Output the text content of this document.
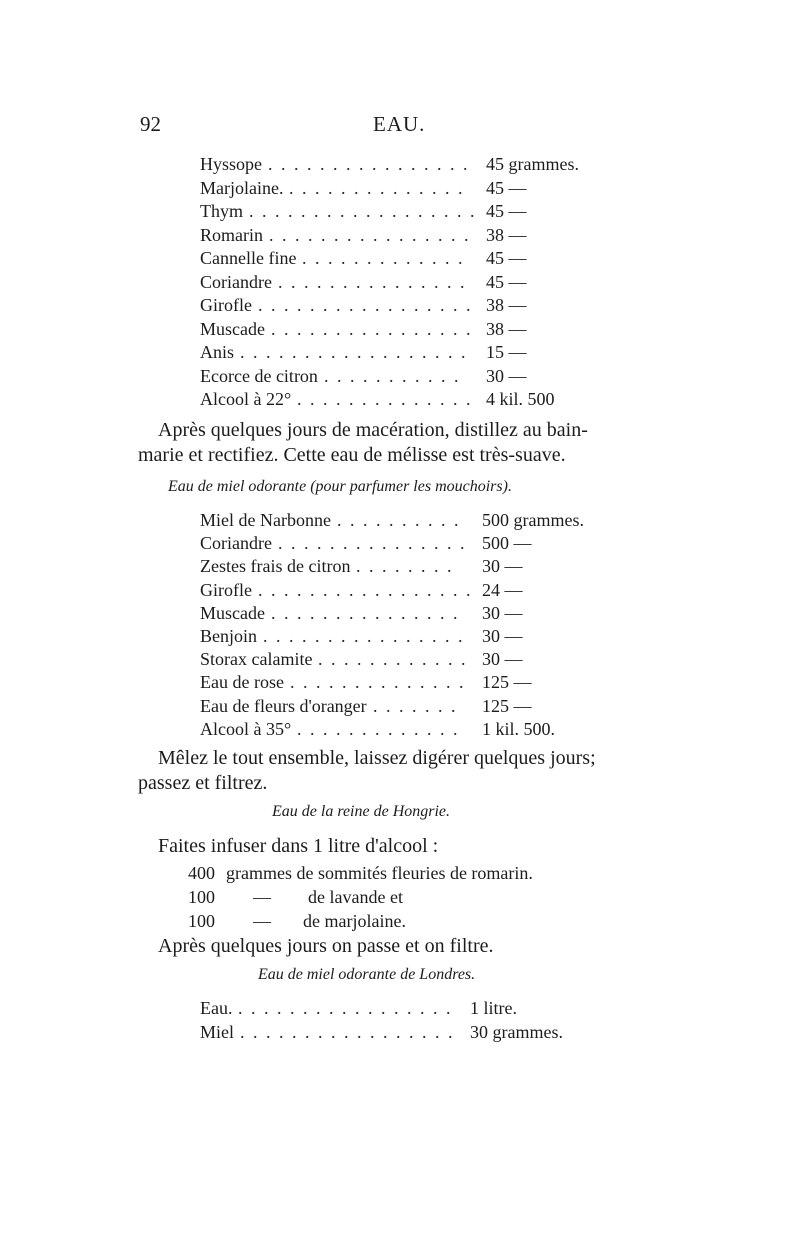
92	EAU.
Hyssope . . . . . . . . . . . . . . . . 45 grammes.
Marjolaine. . . . . . . . . . . . . . . 45 —
Thym . . . . . . . . . . . . . . . . . . 45 —
Romarin . . . . . . . . . . . . . . . . 38 —
Cannelle fine . . . . . . . . . . . . . 45 —
Coriandre . . . . . . . . . . . . . . . 45 —
Girofle . . . . . . . . . . . . . . . . . 38 —
Muscade . . . . . . . . . . . . . . . . 38 —
Anis . . . . . . . . . . . . . . . . . . 15 —
Ecorce de citron . . . . . . . . . . . 30 —
Alcool à 22° . . . . . . . . . . . . . . 4 kil. 500
Après quelques jours de macération, distillez au bain-
marie et rectifiez. Cette eau de mélisse est très-suave.
Eau de miel odorante (pour parfumer les mouchoirs).
Miel de Narbonne . . . . . . . . . . 500 grammes.
Coriandre . . . . . . . . . . . . . . . 500 —
Zestes frais de citron . . . . . . . . 30 —
Girofle . . . . . . . . . . . . . . . . . 24 —
Muscade . . . . . . . . . . . . . . . 30 —
Benjoin . . . . . . . . . . . . . . . . 30 —
Storax calamite . . . . . . . . . . . . 30 —
Eau de rose . . . . . . . . . . . . . . 125 —
Eau de fleurs d'oranger . . . . . . . 125 —
Alcool à 35° . . . . . . . . . . . . . 1 kil. 500.
Mêlez le tout ensemble, laissez digérer quelques jours;
passez et filtrez.
Eau de la reine de Hongrie.
Faites infuser dans 1 litre d'alcool :
400 grammes de sommités fleuries de romarin.
100 — de lavande et
100 — de marjolaine.
Après quelques jours on passe et on filtre.
Eau de miel odorante de Londres.
Eau. . . . . . . . . . . . . . . . . . 1 litre.
Miel . . . . . . . . . . . . . . . . . 30 grammes.
